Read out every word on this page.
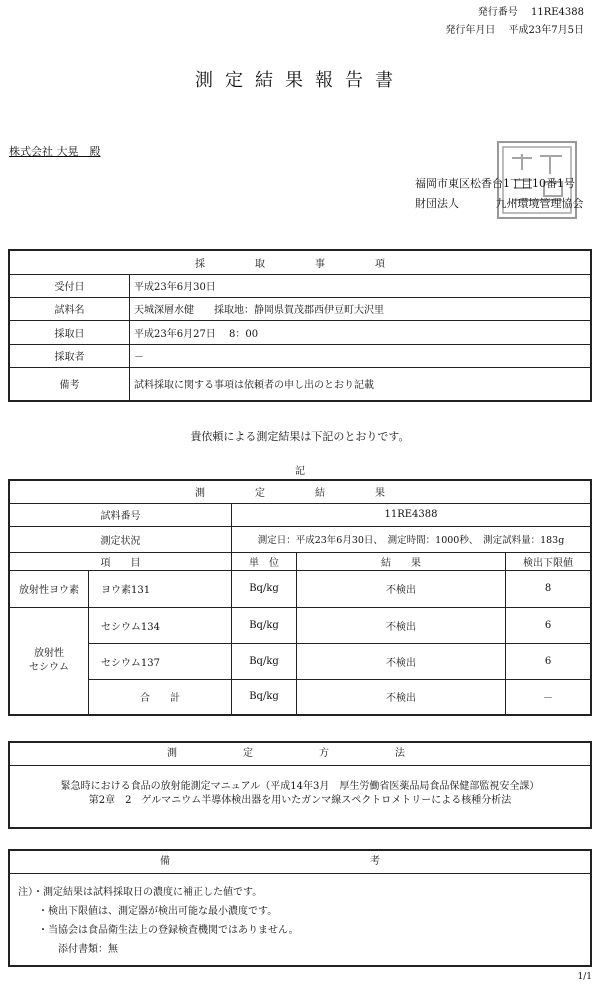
発行番号　 11RE4388
発行年月日　 平成23年7月5日
測定結果報告書
株式会社 大晃　殿
福岡市東区松香台1丁目10番1号
財団法人　　　	九州環境管理協会
採　取　事　項	
受付日	平成23年6月30日
試料名	天城深層水健　　採取地：静岡県賀茂郡西伊豆町大沢里
採取日	平成23年6月27日　 8：00
採取者	－
備考	試料採取に関する事項は依頼者の申し出のとおり記載
貴依頼による測定結果は下記のとおりです。
記
測　定　結　果				
試料番号		11RE4388		
測定状況		測定日：平成23年6月30日、　測定時間：1000秒、　測定試料量：183g		
項　　目		単　位	結　　果	検出下限値
放射性ヨウ素	ヨウ素131	Bq/kg	不検出	8
放射性
セシウム	セシウム134	Bq/kg	不検出	6
	セシウム137	Bq/kg	不検出	6
	合　　計	Bq/kg	不検出	－
測　定　方　法
緊急時における食品の放射能測定マニュアル（平成14年3月　厚生労働省医薬品局食品保健部監視安全課）
第2章　2　ゲルマニウム半導体検出器を用いたガンマ線スペクトロメトリーによる核種分析法
備　　考
注）・測定結果は試料採取日の濃度に補正した値です。
　　・検出下限値は、測定器が検出可能な最小濃度です。
　　・当協会は食品衛生法上の登録検査機関ではありません。
　　　　添付書類：無
1/1
